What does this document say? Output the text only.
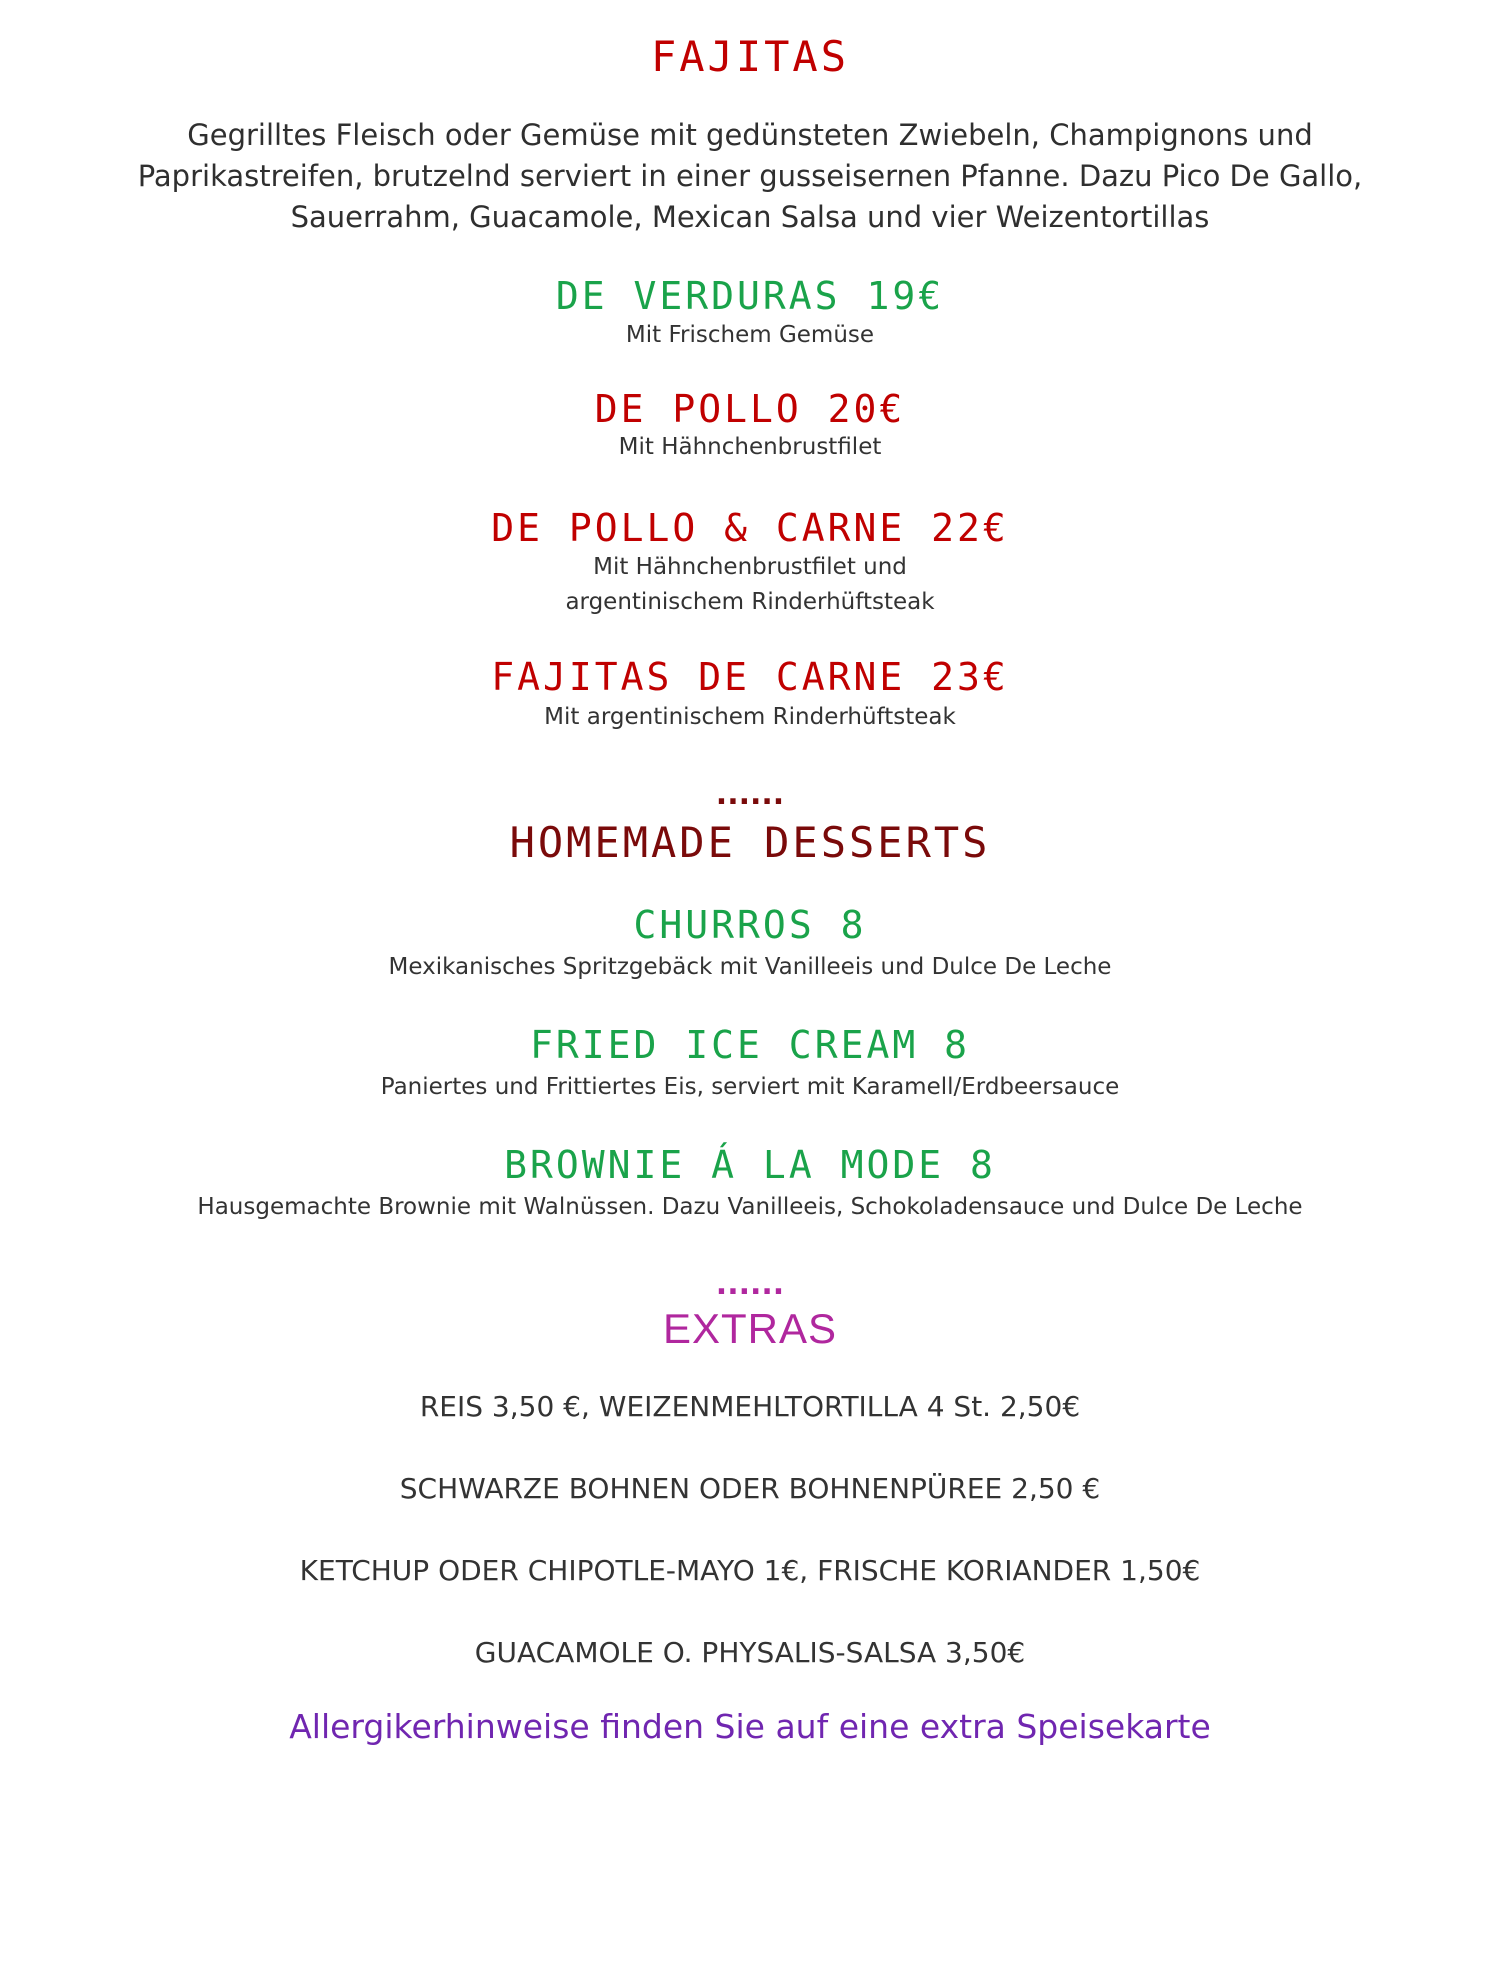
FAJITAS
Gegrilltes Fleisch oder Gemüse mit gedünsteten Zwiebeln, Champignons und
Paprikastreifen, brutzelnd serviert in einer gusseisernen Pfanne. Dazu Pico De Gallo,
Sauerrahm, Guacamole, Mexican Salsa und vier Weizentortillas
DE VERDURAS 19€
Mit Frischem Gemüse
DE POLLO 20€
Mit Hähnchenbrustfilet
DE POLLO & CARNE 22€
Mit Hähnchenbrustfilet und
argentinischem Rinderhüftsteak
FAJITAS DE CARNE 23€
Mit argentinischem Rinderhüftsteak
......
HOMEMADE DESSERTS
CHURROS 8
Mexikanisches Spritzgebäck mit Vanilleeis und Dulce De Leche
FRIED ICE CREAM 8
Paniertes und Frittiertes Eis, serviert mit Karamell/Erdbeersauce
BROWNIE Á LA MODE 8
Hausgemachte Brownie mit Walnüssen. Dazu Vanilleeis, Schokoladensauce und Dulce De Leche
......
EXTRAS
REIS 3,50 €, WEIZENMEHLTORTILLA 4 St. 2,50€
SCHWARZE BOHNEN ODER BOHNENPÜREE 2,50 €
KETCHUP ODER CHIPOTLE-MAYO 1€, FRISCHE KORIANDER 1,50€
GUACAMOLE O. PHYSALIS-SALSA 3,50€
Allergikerhinweise finden Sie auf eine extra Speisekarte
